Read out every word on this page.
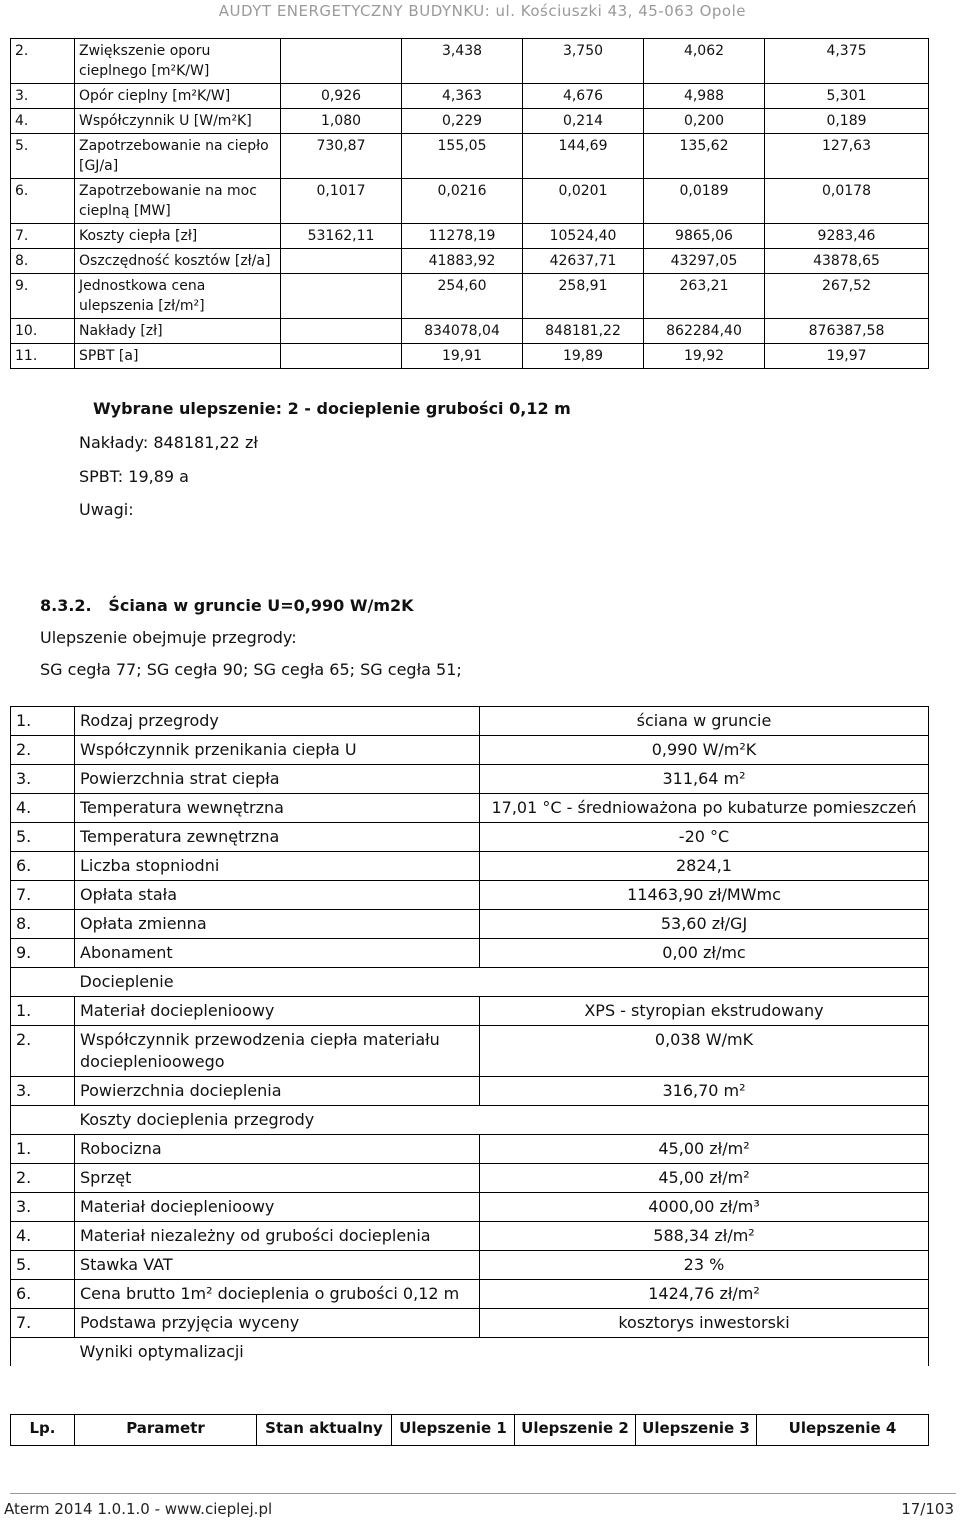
AUDYT ENERGETYCZNY BUDYNKU: ul. Kościuszki 43, 45-063 Opole
2.	Zwiększenie oporu cieplnego [m²K/W]		3,438	3,750	4,062	4,375
3.	Opór cieplny [m²K/W]	0,926	4,363	4,676	4,988	5,301
4.	Współczynnik U [W/m²K]	1,080	0,229	0,214	0,200	0,189
5.	Zapotrzebowanie na ciepło [GJ/a]	730,87	155,05	144,69	135,62	127,63
6.	Zapotrzebowanie na moc cieplną [MW]	0,1017	0,0216	0,0201	0,0189	0,0178
7.	Koszty ciepła [zł]	53162,11	11278,19	10524,40	9865,06	9283,46
8.	Oszczędność kosztów [zł/a]		41883,92	42637,71	43297,05	43878,65
9.	Jednostkowa cena ulepszenia [zł/m²]		254,60	258,91	263,21	267,52
10.	Nakłady [zł]		834078,04	848181,22	862284,40	876387,58
11.	SPBT [a]		19,91	19,89	19,92	19,97
Wybrane ulepszenie: 2 - docieplenie grubości 0,12 m
Nakłady: 848181,22 zł
SPBT: 19,89 a
Uwagi:
8.3.2.   Ściana w gruncie U=0,990 W/m2K
Ulepszenie obejmuje przegrody:
SG cegła 77; SG cegła 90; SG cegła 65; SG cegła 51;
1.	Rodzaj przegrody	ściana w gruncie
2.	Współczynnik przenikania ciepła U	0,990 W/m²K
3.	Powierzchnia strat ciepła	311,64 m²
4.	Temperatura wewnętrzna	17,01 °C - średnioważona po kubaturze pomieszczeń
5.	Temperatura zewnętrzna	-20 °C
6.	Liczba stopniodni	2824,1
7.	Opłata stała	11463,90 zł/MWmc
8.	Opłata zmienna	53,60 zł/GJ
9.	Abonament	0,00 zł/mc
	Docieplenie	
1.	Materiał docieplenioowy	XPS - styropian ekstrudowany
2.	Współczynnik przewodzenia ciepła materiału docieplenioowego	0,038 W/mK
3.	Powierzchnia docieplenia	316,70 m²
	Koszty docieplenia przegrody	
1.	Robocizna	45,00 zł/m²
2.	Sprzęt	45,00 zł/m²
3.	Materiał docieplenioowy	4000,00 zł/m³
4.	Materiał niezależny od grubości docieplenia	588,34 zł/m²
5.	Stawka VAT	23 %
6.	Cena brutto 1m² docieplenia o grubości 0,12 m	1424,76 zł/m²
7.	Podstawa przyjęcia wyceny	kosztorys inwestorski
	Wyniki optymalizacji	
Lp.	Parametr	Stan aktualny	Ulepszenie 1	Ulepszenie 2	Ulepszenie 3	Ulepszenie 4
Aterm 2014 1.0.1.0 - www.cieplej.pl	17/103
